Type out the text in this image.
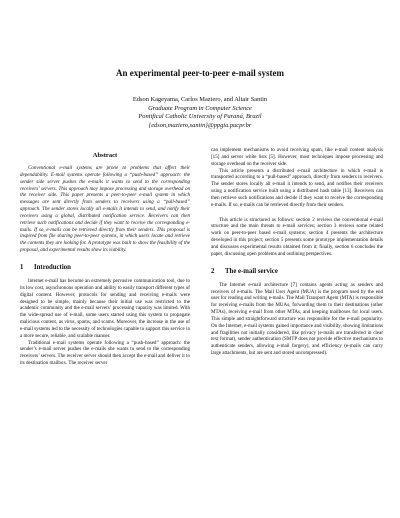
An experimental peer-to-peer e-mail system
Edson Kageyama, Carlos Maziero, and Altair Santin
Graduate Program in Computer Science
Pontifical Catholic University of Paraná, Brazil
{edson,maziero,santin}@ppgia.pucpr.br
Abstract

Conventional e-mail systems are prone to problems that affect their dependability. E-mail systems operate following a “push-based” approach: the sender side server pushes the e-mails it wants to send to the corresponding receivers’ servers. This approach may impose processing and storage overhead on the receiver side. This paper presents a peer-to-peer e-mail system in which messages are sent directly from senders to receivers using a “pull-based” approach. The sender stores locally all e-mails it intends to send, and notify their receivers using a global, distributed notification service. Receivers can then retrieve such notifications and decide if they want to receive the corresponding e-mails. If so, e-mails can be retrieved directly from their senders. This proposal is inspired from file sharing peer-to-peer systems, in which users locate and retrieve the contents they are looking for. A prototype was built to show the feasibility of the proposal, and experimental results show its viability.

1 Introduction

Internet e-mail has become an extremely pervasive communication tool, due to its low cost, asynchronous operation and ability to easily transport different types of digital content. However, protocols for sending and receiving e-mails were designed to be simple, mainly because their initial use was restricted to the academic community and the e-mail servers’ processing capacity was limited. With the wide-spread use of e-mail, some users started using this system to propagate malicious content, as virus, spams, and scams. Moreover, the increase in the use of e-mail systems led to the necessity of technologies capable to support this service in a more secure, reliable, and scalable manner.

Traditional e-mail systems operate following a “push-based” approach: the sender’s e-mail server pushes the e-mails she wants to send to the corresponding receivers’ servers. The receiver server should then accept the e-mail and deliver it to its destination mailbox. The receiver server

can implement mechanisms to avoid receiving spam, like e-mail content analysis [15] and server white lists [5]. However, most techniques impose processing and storage overhead on the receiver side.

This article presents a distributed e-mail architecture in which e-mail is transported according to a “pull-based” approach, directly from senders to receivers. The sender stores locally all e-mail it intends to send, and notifies their receivers using a notification service built using a distributed hash table [13]. Receivers can then retrieve such notifications and decide if they want to receive the corresponding e-mails. If so, e-mails can be retrieved directly from their senders.

This article is structured as follows: section 2 reviews the conventional e-mail structure and the main threats to e-mail services; section 3 reviews some related work on peer-to-peer based e-mail systems; section 4 presents the architecture developed in this project; section 5 presents some prototype implementation details and discusses experimental results obtained from it; finally, section 6 concludes the paper, discussing open problems and outlining perspectives.

2 The e-mail service

The Internet e-mail architecture [7] contains agents acting as senders and receivers of e-mails. The Mail User Agent (MUA) is the program used by the end user for reading and writing e-mails. The Mail Transport Agent (MTA) is responsible for receiving e-mails from the MUAs, forwarding them to their destinations (other MTAs), receiving e-mail from other MTAs, and keeping mailboxes for local users. This simple and straightforward structure was responsible for the e-mail popularity. On the Internet, e-mail systems gained importance and visibility, showing limitations and fragilities not initially considered, like privacy (e-mails are transferred in clear text format), sender authentication (SMTP does not provide effective mechanisms to authenticate senders, allowing e-mail forgery), and efficiency (e-mails can carry large attachments, but are sent and stored uncompressed).
